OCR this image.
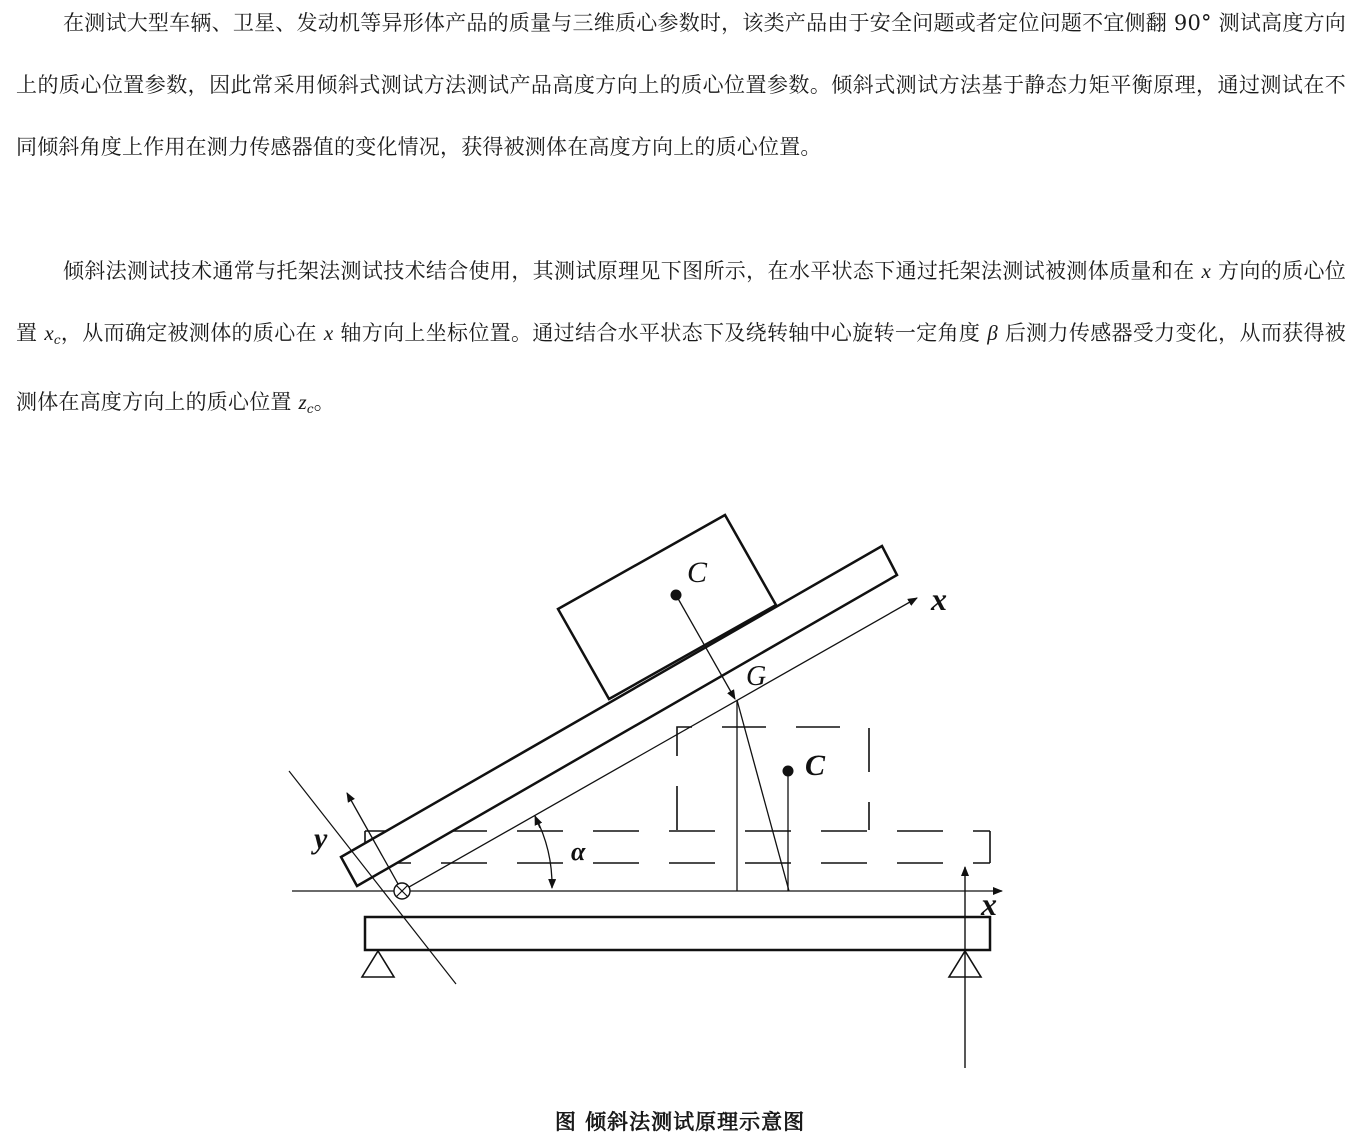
在测试大型车辆、卫星、发动机等异形体产品的质量与三维质心参数时，该类产品由于安全问题或者定位问题不宜侧翻 90° 测试高度方向上的质心位置参数，因此常采用倾斜式测试方法测试产品高度方向上的质心位置参数。倾斜式测试方法基于静态力矩平衡原理，通过测试在不同倾斜角度上作用在测力传感器值的变化情况，获得被测体在高度方向上的质心位置。

倾斜法测试技术通常与托架法测试技术结合使用，其测试原理见下图所示，在水平状态下通过托架法测试被测体质量和在 x 方向的质心位置 $x_c$，从而确定被测体的质心在 x 轴方向上坐标位置。通过结合水平状态下及绕转轴中心旋转一定角度 β 后测力传感器受力变化，从而获得被测体在高度方向上的质心位置 $z_c$。

C
G
C
x
x
y	α
图 倾斜法测试原理示意图
